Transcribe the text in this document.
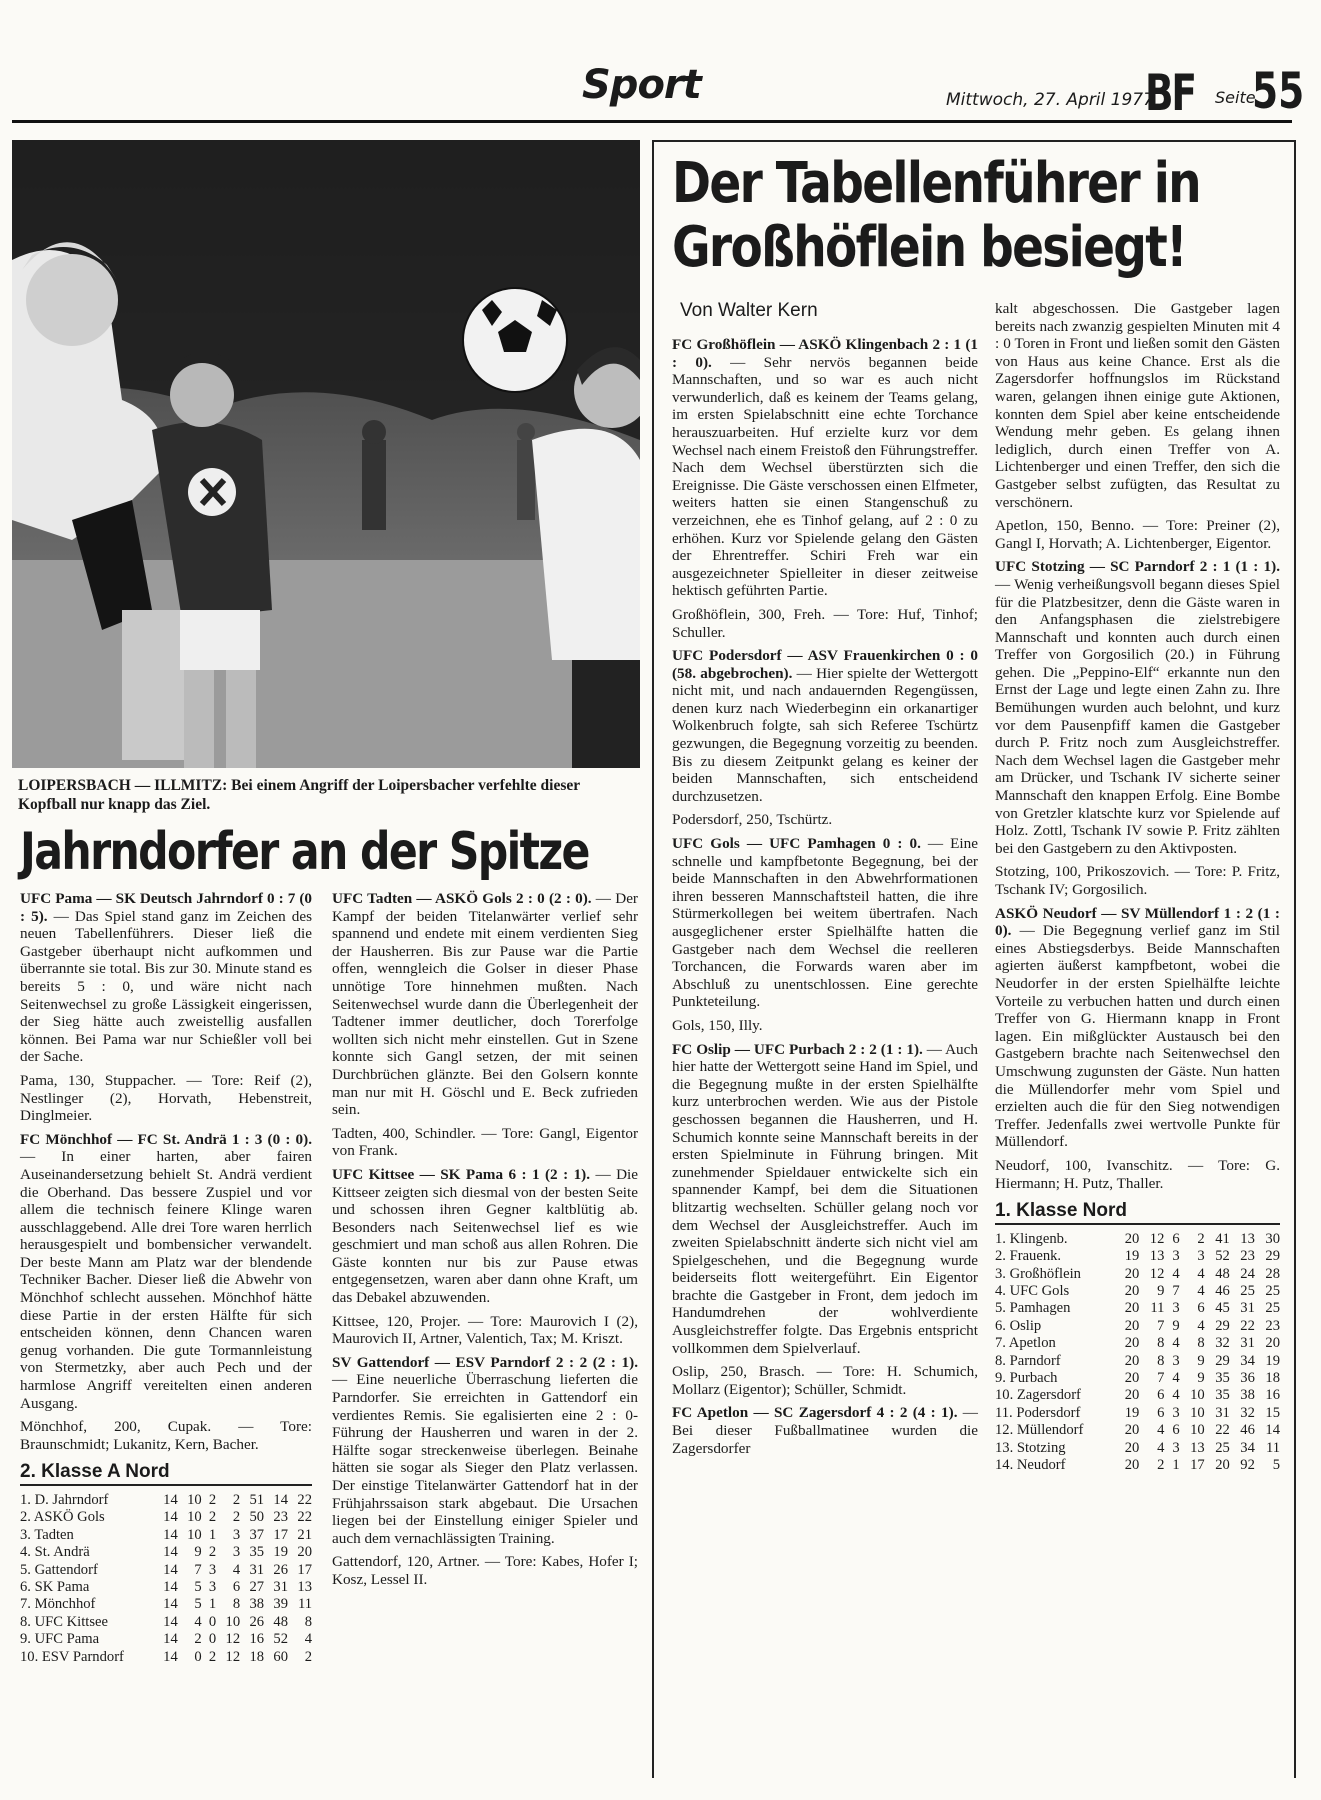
Sport	Mittwoch, 27. April 1977
BF Seite
55
LOIPERSBACH — ILLMITZ: Bei einem Angriff der Loipersbacher verfehlte dieser Kopfball nur knapp das Ziel.
Jahrndorfer an der Spitze

UFC Pama — SK Deutsch Jahrndorf 0 : 7 (0 : 5). — Das Spiel stand ganz im Zeichen des neuen Tabellenführers. Dieser ließ die Gastgeber überhaupt nicht aufkommen und überrannte sie total. Bis zur 30. Minute stand es bereits 5 : 0, und wäre nicht nach Seitenwechsel zu große Lässigkeit eingerissen, der Sieg hätte auch zweistellig ausfallen können. Bei Pama war nur Schießler voll bei der Sache.

Pama, 130, Stuppacher. — Tore: Reif (2), Nestlinger (2), Horvath, Hebenstreit, Dinglmeier.

FC Mönchhof — FC St. Andrä 1 : 3 (0 : 0). — In einer harten, aber fairen Auseinandersetzung behielt St. Andrä verdient die Oberhand. Das bessere Zuspiel und vor allem die technisch feinere Klinge waren ausschlaggebend. Alle drei Tore waren herrlich herausgespielt und bombensicher verwandelt. Der beste Mann am Platz war der blendende Techniker Bacher. Dieser ließ die Abwehr von Mönchhof schlecht aussehen. Mönchhof hätte diese Partie in der ersten Hälfte für sich entscheiden können, denn Chancen waren genug vorhanden. Die gute Tormannleistung von Stermetzky, aber auch Pech und der harmlose Angriff vereitelten einen anderen Ausgang.

Mönchhof, 200, Cupak. — Tore: Braunschmidt; Lukanitz, Kern, Bacher.

2. Klasse A Nord
1. D. Jahrndorf	14	10	2	2	51	14	22
2. ASKÖ Gols	14	10	2	2	50	23	22
3. Tadten	14	10	1	3	37	17	21
4. St. Andrä	14	9	2	3	35	19	20
5. Gattendorf	14	7	3	4	31	26	17
6. SK Pama	14	5	3	6	27	31	13
7. Mönchhof	14	5	1	8	38	39	11
8. UFC Kittsee	14	4	0	10	26	48	8
9. UFC Pama	14	2	0	12	16	52	4
10. ESV Parndorf	14	0	2	12	18	60	2

UFC Tadten — ASKÖ Gols 2 : 0 (2 : 0). — Der Kampf der beiden Titelanwärter verlief sehr spannend und endete mit einem verdienten Sieg der Hausherren. Bis zur Pause war die Partie offen, wenngleich die Golser in dieser Phase unnötige Tore hinnehmen mußten. Nach Seitenwechsel wurde dann die Überlegenheit der Tadtener immer deutlicher, doch Torerfolge wollten sich nicht mehr einstellen. Gut in Szene konnte sich Gangl setzen, der mit seinen Durchbrüchen glänzte. Bei den Golsern konnte man nur mit H. Göschl und E. Beck zufrieden sein.

Tadten, 400, Schindler. — Tore: Gangl, Eigentor von Frank.

UFC Kittsee — SK Pama 6 : 1 (2 : 1). — Die Kittseer zeigten sich diesmal von der besten Seite und schossen ihren Gegner kaltblütig ab. Besonders nach Seitenwechsel lief es wie geschmiert und man schoß aus allen Rohren. Die Gäste konnten nur bis zur Pause etwas entgegensetzen, waren aber dann ohne Kraft, um das Debakel abzuwenden.

Kittsee, 120, Projer. — Tore: Maurovich I (2), Maurovich II, Artner, Valentich, Tax; M. Kriszt.

SV Gattendorf — ESV Parndorf 2 : 2 (2 : 1). — Eine neuerliche Überraschung lieferten die Parndorfer. Sie erreichten in Gattendorf ein verdientes Remis. Sie egalisierten eine 2 : 0-Führung der Hausherren und waren in der 2. Hälfte sogar streckenweise überlegen. Beinahe hätten sie sogar als Sieger den Platz verlassen. Der einstige Titelanwärter Gattendorf hat in der Frühjahrssaison stark abgebaut. Die Ursachen liegen bei der Einstellung einiger Spieler und auch dem vernachlässigten Training.

Gattendorf, 120, Artner. — Tore: Kabes, Hofer I; Kosz, Lessel II.

Der Tabellenführer in
Großhöflein besiegt!
Von Walter Kern

FC Großhöflein — ASKÖ Klingenbach 2 : 1 (1 : 0). — Sehr nervös begannen beide Mannschaften, und so war es auch nicht verwunderlich, daß es keinem der Teams gelang, im ersten Spielabschnitt eine echte Torchance herauszuarbeiten. Huf erzielte kurz vor dem Wechsel nach einem Freistoß den Führungstreffer. Nach dem Wechsel überstürzten sich die Ereignisse. Die Gäste verschossen einen Elfmeter, weiters hatten sie einen Stangenschuß zu verzeichnen, ehe es Tinhof gelang, auf 2 : 0 zu erhöhen. Kurz vor Spielende gelang den Gästen der Ehrentreffer. Schiri Freh war ein ausgezeichneter Spielleiter in dieser zeitweise hektisch geführten Partie.

Großhöflein, 300, Freh. — Tore: Huf, Tinhof; Schuller.

UFC Podersdorf — ASV Frauenkirchen 0 : 0 (58. abgebrochen). — Hier spielte der Wettergott nicht mit, und nach andauernden Regengüssen, denen kurz nach Wiederbeginn ein orkanartiger Wolkenbruch folgte, sah sich Referee Tschürtz gezwungen, die Begegnung vorzeitig zu beenden. Bis zu diesem Zeitpunkt gelang es keiner der beiden Mannschaften, sich entscheidend durchzusetzen.

Podersdorf, 250, Tschürtz.

UFC Gols — UFC Pamhagen 0 : 0. — Eine schnelle und kampfbetonte Begegnung, bei der beide Mannschaften in den Abwehrformationen ihren besseren Mannschaftsteil hatten, die ihre Stürmerkollegen bei weitem übertrafen. Nach ausgeglichener erster Spielhälfte hatten die Gastgeber nach dem Wechsel die reelleren Torchancen, die Forwards waren aber im Abschluß zu unentschlossen. Eine gerechte Punkteteilung.

Gols, 150, Illy.

FC Oslip — UFC Purbach 2 : 2 (1 : 1). — Auch hier hatte der Wettergott seine Hand im Spiel, und die Begegnung mußte in der ersten Spielhälfte kurz unterbrochen werden. Wie aus der Pistole geschossen begannen die Hausherren, und H. Schumich konnte seine Mannschaft bereits in der ersten Spielminute in Führung bringen. Mit zunehmender Spieldauer entwickelte sich ein spannender Kampf, bei dem die Situationen blitzartig wechselten. Schüller gelang noch vor dem Wechsel der Ausgleichstreffer. Auch im zweiten Spielabschnitt änderte sich nicht viel am Spielgeschehen, und die Begegnung wurde beiderseits flott weitergeführt. Ein Eigentor brachte die Gastgeber in Front, dem jedoch im Handumdrehen der wohlverdiente Ausgleichstreffer folgte. Das Ergebnis entspricht vollkommen dem Spielverlauf.

Oslip, 250, Brasch. — Tore: H. Schumich, Mollarz (Eigentor); Schüller, Schmidt.

FC Apetlon — SC Zagersdorf 4 : 2 (4 : 1). — Bei dieser Fußballmatinee wurden die Zagersdorfer

kalt abgeschossen. Die Gastgeber lagen bereits nach zwanzig gespielten Minuten mit 4 : 0 Toren in Front und ließen somit den Gästen von Haus aus keine Chance. Erst als die Zagersdorfer hoffnungslos im Rückstand waren, gelangen ihnen einige gute Aktionen, konnten dem Spiel aber keine entscheidende Wendung mehr geben. Es gelang ihnen lediglich, durch einen Treffer von A. Lichtenberger und einen Treffer, den sich die Gastgeber selbst zufügten, das Resultat zu verschönern.

Apetlon, 150, Benno. — Tore: Preiner (2), Gangl I, Horvath; A. Lichtenberger, Eigentor.

UFC Stotzing — SC Parndorf 2 : 1 (1 : 1). — Wenig verheißungsvoll begann dieses Spiel für die Platzbesitzer, denn die Gäste waren in den Anfangsphasen die zielstrebigere Mannschaft und konnten auch durch einen Treffer von Gorgosilich (20.) in Führung gehen. Die „Peppino-Elf“ erkannte nun den Ernst der Lage und legte einen Zahn zu. Ihre Bemühungen wurden auch belohnt, und kurz vor dem Pausenpfiff kamen die Gastgeber durch P. Fritz noch zum Ausgleichstreffer. Nach dem Wechsel lagen die Gastgeber mehr am Drücker, und Tschank IV sicherte seiner Mannschaft den knappen Erfolg. Eine Bombe von Gretzler klatschte kurz vor Spielende auf Holz. Zottl, Tschank IV sowie P. Fritz zählten bei den Gastgebern zu den Aktivposten.

Stotzing, 100, Prikoszovich. — Tore: P. Fritz, Tschank IV; Gorgosilich.

ASKÖ Neudorf — SV Müllendorf 1 : 2 (1 : 0). — Die Begegnung verlief ganz im Stil eines Abstiegsderbys. Beide Mannschaften agierten äußerst kampfbetont, wobei die Neudorfer in der ersten Spielhälfte leichte Vorteile zu verbuchen hatten und durch einen Treffer von G. Hiermann knapp in Front lagen. Ein mißglückter Austausch bei den Gastgebern brachte nach Seitenwechsel den Umschwung zugunsten der Gäste. Nun hatten die Müllendorfer mehr vom Spiel und erzielten auch die für den Sieg notwendigen Treffer. Jedenfalls zwei wertvolle Punkte für Müllendorf.

Neudorf, 100, Ivanschitz. — Tore: G. Hiermann; H. Putz, Thaller.

1. Klasse Nord
1. Klingenb.	20	12	6	2	41	13	30
2. Frauenk.	19	13	3	3	52	23	29
3. Großhöflein	20	12	4	4	48	24	28
4. UFC Gols	20	9	7	4	46	25	25
5. Pamhagen	20	11	3	6	45	31	25
6. Oslip	20	7	9	4	29	22	23
7. Apetlon	20	8	4	8	32	31	20
8. Parndorf	20	8	3	9	29	34	19
9. Purbach	20	7	4	9	35	36	18
10. Zagersdorf	20	6	4	10	35	38	16
11. Podersdorf	19	6	3	10	31	32	15
12. Müllendorf	20	4	6	10	22	46	14
13. Stotzing	20	4	3	13	25	34	11
14. Neudorf	20	2	1	17	20	92	5
